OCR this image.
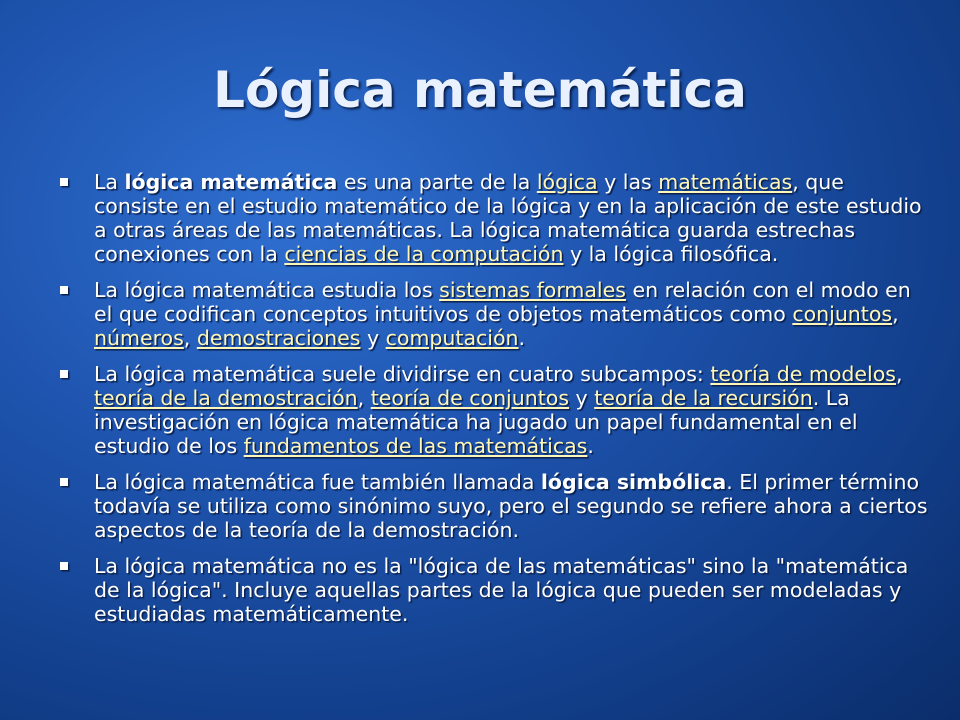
Lógica matemática
La lógica matemática es una parte de la lógica y las matemáticas, que consiste en el estudio matemático de la lógica y en la aplicación de este estudio a otras áreas de las matemáticas. La lógica matemática guarda estrechas conexiones con la ciencias de la computación y la lógica filosófica.
La lógica matemática estudia los sistemas formales en relación con el modo en el que codifican conceptos intuitivos de objetos matemáticos como conjuntos, números, demostraciones y computación.
La lógica matemática suele dividirse en cuatro subcampos: teoría de modelos, teoría de la demostración, teoría de conjuntos y teoría de la recursión. La investigación en lógica matemática ha jugado un papel fundamental en el estudio de los fundamentos de las matemáticas.
La lógica matemática fue también llamada lógica simbólica. El primer término todavía se utiliza como sinónimo suyo, pero el segundo se refiere ahora a ciertos aspectos de la teoría de la demostración.
La lógica matemática no es la "lógica de las matemáticas" sino la "matemática de la lógica". Incluye aquellas partes de la lógica que pueden ser modeladas y estudiadas matemáticamente.
